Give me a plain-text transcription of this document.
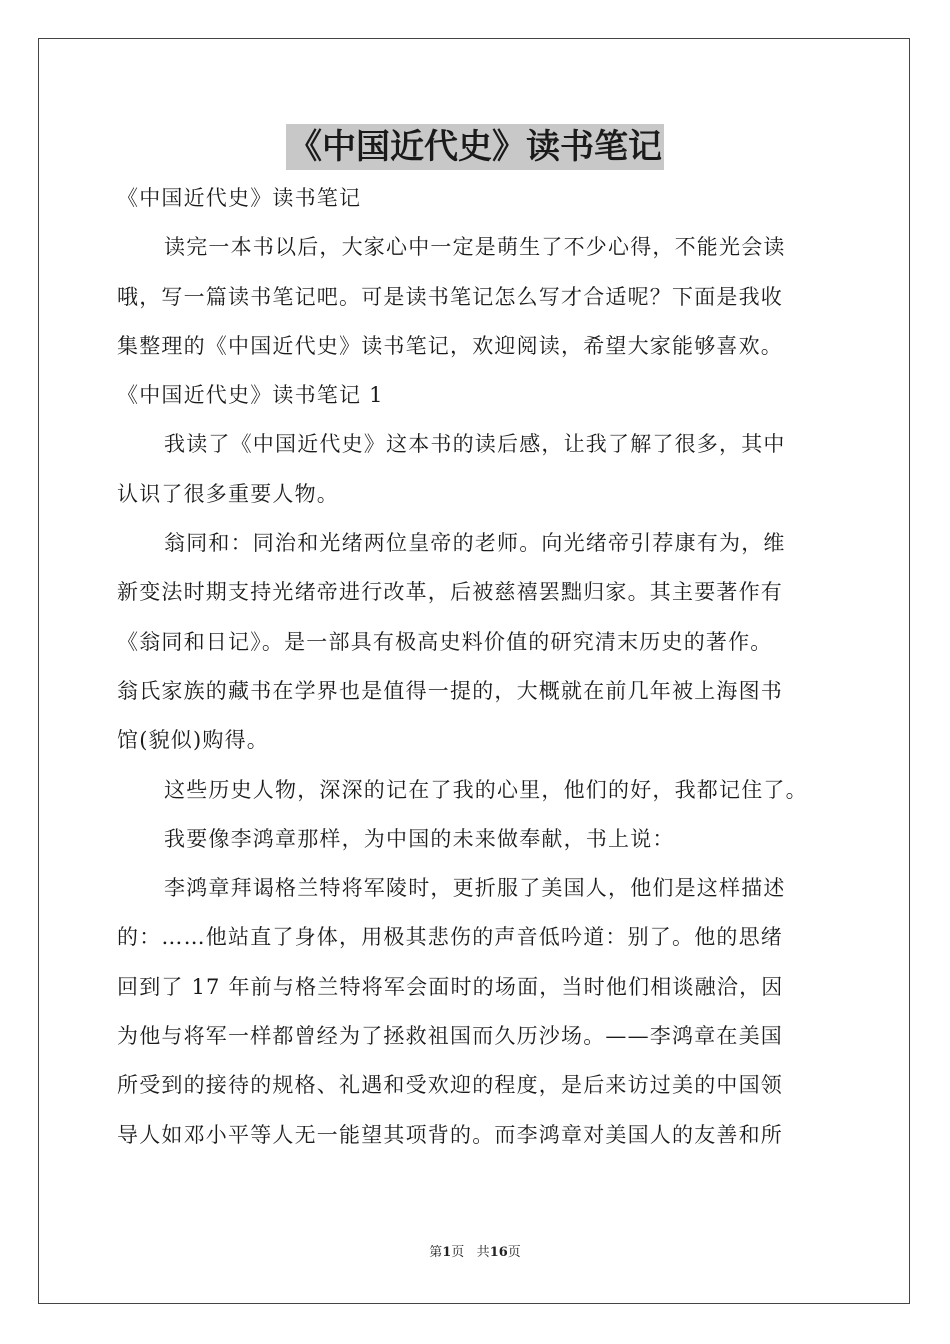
《中国近代史》读书笔记
《中国近代史》读书笔记
读完一本书以后，大家心中一定是萌生了不少心得，不能光会读
哦，写一篇读书笔记吧。可是读书笔记怎么写才合适呢？下面是我收
集整理的《中国近代史》读书笔记，欢迎阅读，希望大家能够喜欢。
《中国近代史》读书笔记 1
我读了《中国近代史》这本书的读后感，让我了解了很多，其中
认识了很多重要人物。
翁同和：同治和光绪两位皇帝的老师。向光绪帝引荐康有为，维
新变法时期支持光绪帝进行改革，后被慈禧罢黜归家。其主要著作有
《翁同和日记》。是一部具有极高史料价值的研究清末历史的著作。
翁氏家族的藏书在学界也是值得一提的，大概就在前几年被上海图书
馆(貌似)购得。
这些历史人物，深深的记在了我的心里，他们的好，我都记住了。
我要像李鸿章那样，为中国的未来做奉献，书上说：
李鸿章拜谒格兰特将军陵时，更折服了美国人，他们是这样描述
的：……他站直了身体，用极其悲伤的声音低吟道：别了。他的思绪
回到了 17 年前与格兰特将军会面时的场面，当时他们相谈融洽，因
为他与将军一样都曾经为了拯救祖国而久历沙场。——李鸿章在美国
所受到的接待的规格、礼遇和受欢迎的程度，是后来访过美的中国领
导人如邓小平等人无一能望其项背的。而李鸿章对美国人的友善和所
第1页 共16页
